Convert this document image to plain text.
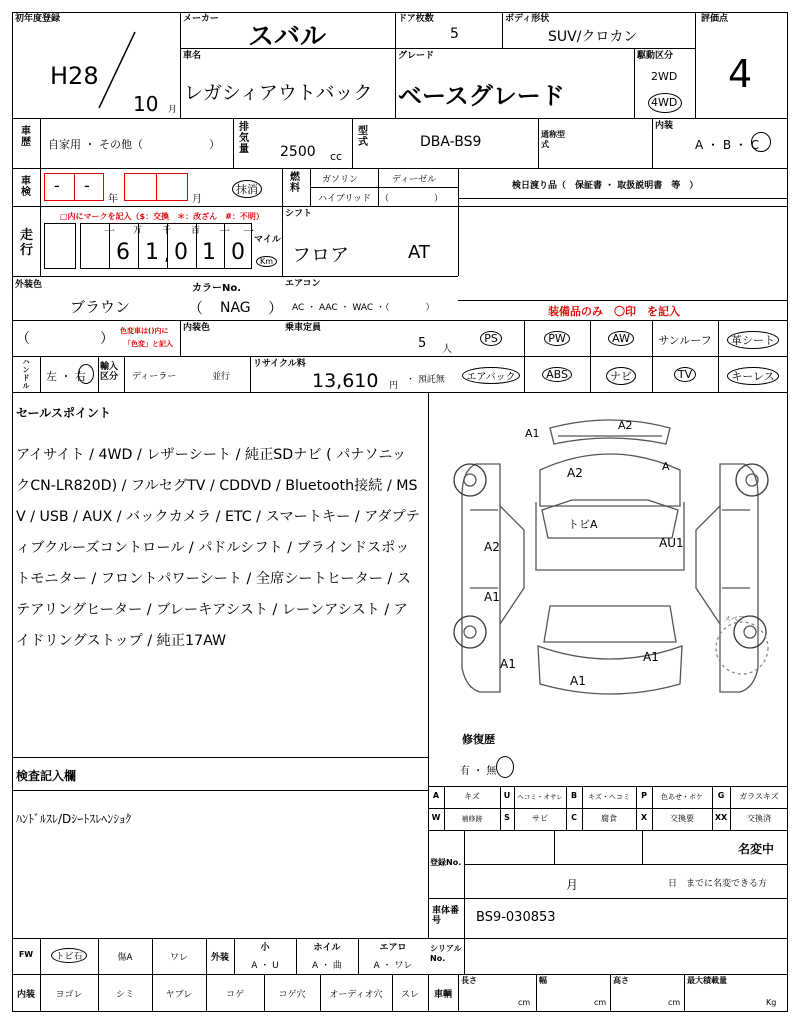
初年度登録
H28
10 月
メーカー
スバル
ドア枚数
5
ボディ形状
SUV/クロカン
評価点
4
車名
レガシィアウトバック
グレード
ベースグレード
駆動区分
2WD
4WD
車歴 自家用 ・ その他（　　　　　　）
排気量 2500 cc
型式	DBA-BS9	通称型式
内装
A ・ B ・ C
車検 - -
年	月
抹消
燃料
ガソリン	ディーゼル
ハイブリッド （　　　　　）
検日渡り品（　保証書 ・ 取扱説明書　等　）
走行
□内にマークを記入（$：交換　＊：改ざん　#：不明）
十 万 千 百 十 一
6 1 , 0 1 0 マイル
Km
シフト
フロア	AT
外装色
ブラウン
カラーNo.
（ NAG ）
エアコン
AC ・ AAC ・ WAC ・（　　　　）	装備品のみ　〇印　を記入
（　　　　　） 色変車は()内に
「色変」と記入
内装色	乗車定員
5 人
PS	PW	AW	サンルーフ	革シート
エアバック	ABS	ナビ	TV	キーレス
ハンドル
左 ・ 右
輸入区分	ディーラー	並行
リサイクル料
13,610 円
・ 預託無
セールスポイント
アイサイト / 4WD / レザーシート / 純正SDナビ ( パナソニックCN-LR820D) / フルセグTV / CDDVD / Bluetooth接続 / MSV / USB / AUX / バックカメラ / ETC / スマートキー / アダプティブクルーズコントロール / パドルシフト / ブラインドスポットモニター / フロントパワーシート / 全席シートヒーター / ステアリングヒーター / ブレーキアシスト / レーンアシスト / アイドリングストップ / 純正17AW
A1
A2
A2	A
トビA
A2	AU1
A1
A1	A1
A1
スペア
修復歴
有 ・ 無
検査記入欄
ﾊﾝﾄﾞﾙｽﾚ/Dｼｰﾄｽﾚﾍﾝｼｮｸ
A	キズ	U	ヘコミ・オサレ	B	キズ・ヘコミ	P	色あせ・ボケ	G	ガラスキズ
W	補修跡	S	サビ	C	腐食	X	交換要	XX	交換済
登録No.
名変中
月	日　までに名変できる方
車体番号	BS9-030853
FW	トビ石	傷A	ワレ	外装
小
A ・ U
ホイル
A ・ 曲
エアロ
A ・ ワレ
シリアルNo.
内装	ヨゴレ	シミ	ヤブレ	コゲ	コゲ穴	オーディオ穴	スレ	車輌
長さ
cm
幅
cm
高さ
cm
最大積載量
Kg
